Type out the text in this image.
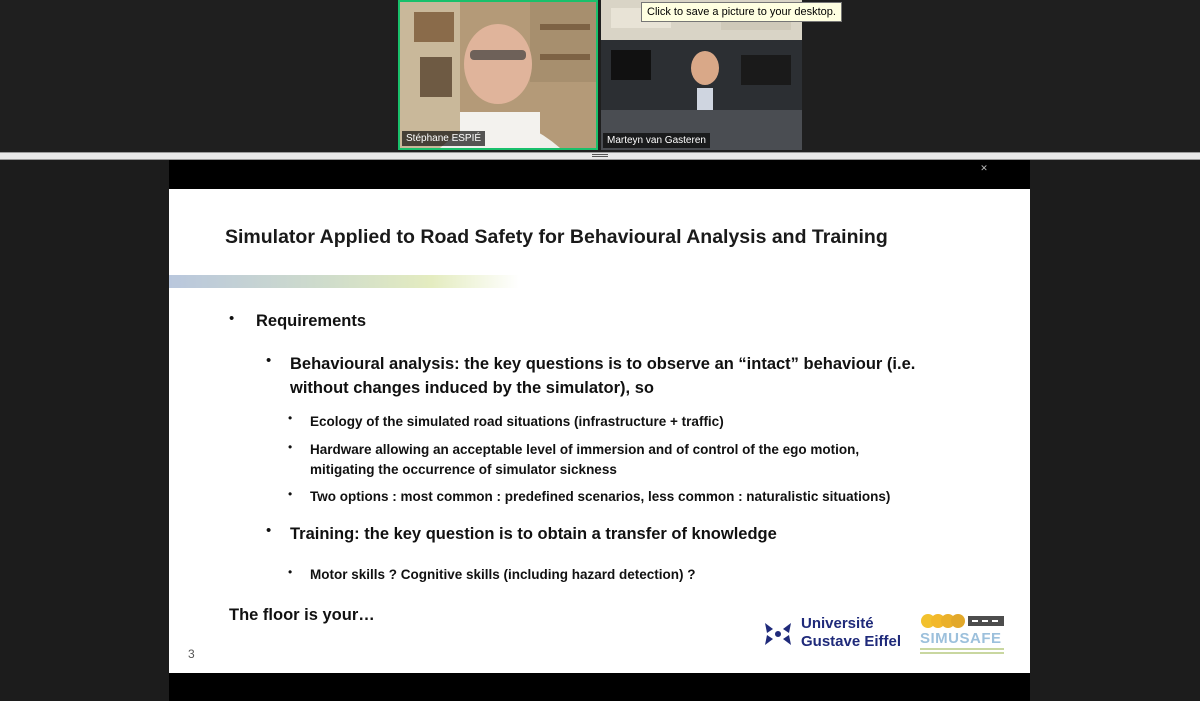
Stéphane ESPIÉ	Marteyn van Gasteren
Click to save a picture to your desktop.
✕
Simulator Applied to Road Safety for Behavioural Analysis and Training
• Requirements
• Behavioural analysis: the key questions is to observe an “intact” behaviour (i.e.
without changes induced by the simulator), so
• Ecology of the simulated road situations (infrastructure + traffic)
• Hardware allowing an acceptable level of immersion and of control of the ego motion,
mitigating the occurrence of simulator sickness
• Two options : most common : predefined scenarios, less common : naturalistic situations)
• Training: the key question is to obtain a transfer of knowledge
• Motor skills ? Cognitive skills (including hazard detection) ?
The floor is your…
3
Université
Gustave Eiffel SIMUSAFE
